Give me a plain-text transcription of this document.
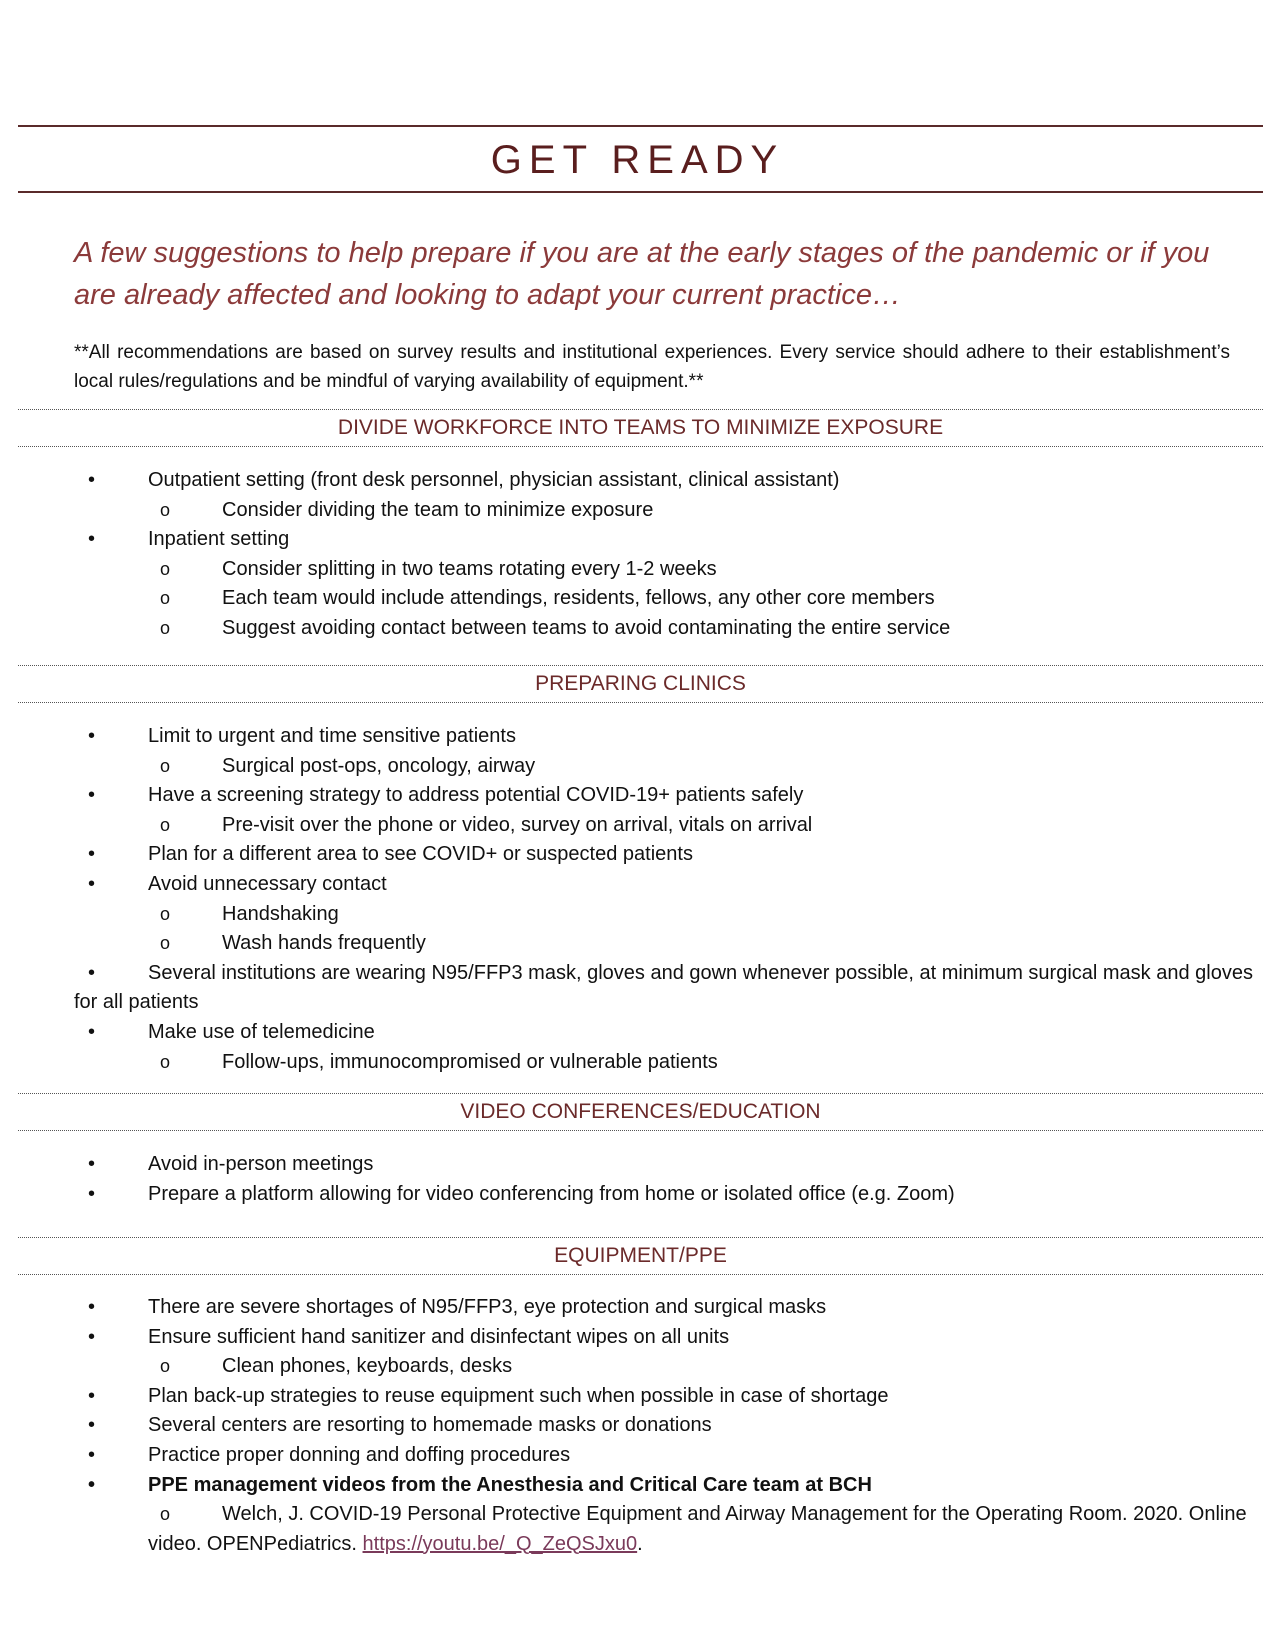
GET READY
A few suggestions to help prepare if you are at the early stages of the pandemic or if you are already affected and looking to adapt your current practice…
**All recommendations are based on survey results and institutional experiences. Every service should adhere to their establishment’s local rules/regulations and be mindful of varying availability of equipment.**
DIVIDE WORKFORCE INTO TEAMS TO MINIMIZE EXPOSURE
•	Outpatient setting (front desk personnel, physician assistant, clinical assistant)
o	Consider dividing the team to minimize exposure
•	Inpatient setting
o	Consider splitting in two teams rotating every 1-2 weeks
o	Each team would include attendings, residents, fellows, any other core members
o	Suggest avoiding contact between teams to avoid contaminating the entire service
PREPARING CLINICS
•	Limit to urgent and time sensitive patients
o	Surgical post-ops, oncology, airway
•	Have a screening strategy to address potential COVID-19+ patients safely
o	Pre-visit over the phone or video, survey on arrival, vitals on arrival
•	Plan for a different area to see COVID+ or suspected patients
•	Avoid unnecessary contact
o	Handshaking
o	Wash hands frequently
•	Several institutions are wearing N95/FFP3 mask, gloves and gown whenever possible, at minimum surgical mask and gloves for all patients
•	Make use of telemedicine
o	Follow-ups, immunocompromised or vulnerable patients
VIDEO CONFERENCES/EDUCATION
•	Avoid in-person meetings
•	Prepare a platform allowing for video conferencing from home or isolated office (e.g. Zoom)
EQUIPMENT/PPE
•	There are severe shortages of N95/FFP3, eye protection and surgical masks
•	Ensure sufficient hand sanitizer and disinfectant wipes on all units
o	Clean phones, keyboards, desks
•	Plan back-up strategies to reuse equipment such when possible in case of shortage
•	Several centers are resorting to homemade masks or donations
•	Practice proper donning and doffing procedures
•	PPE management videos from the Anesthesia and Critical Care team at BCH
o	Welch, J. COVID-19 Personal Protective Equipment and Airway Management for the Operating Room. 2020. Online video. OPENPediatrics. https://youtu.be/_Q_ZeQSJxu0.
